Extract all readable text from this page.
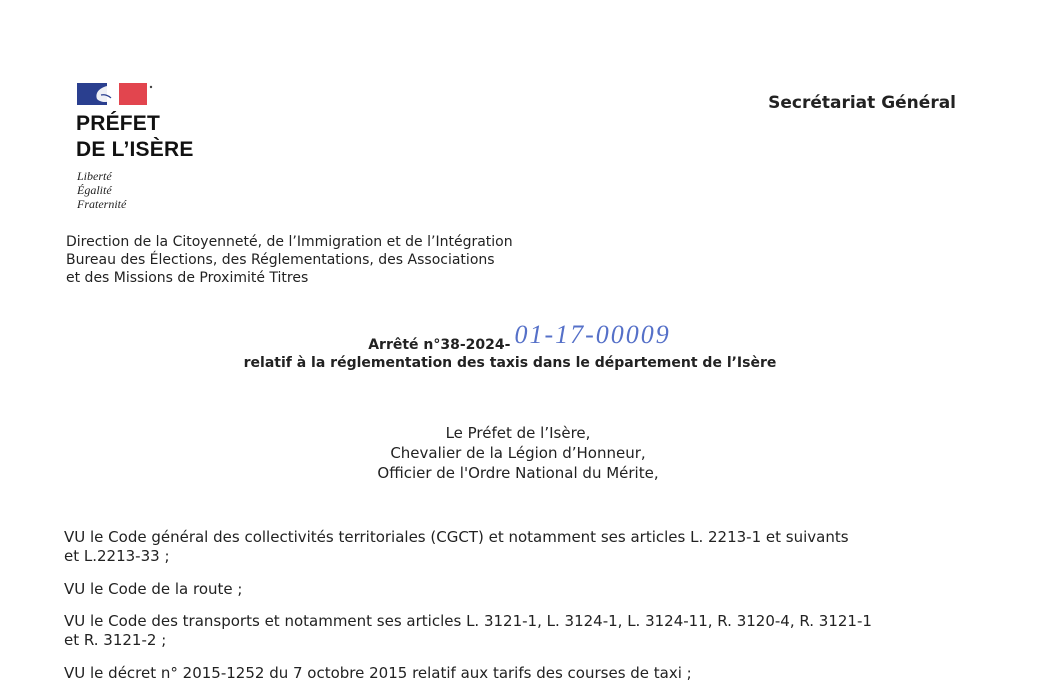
PRÉFET
DE L’ISÈRE
Liberté
Égalité
Fraternité
Secrétariat Général
Direction de la Citoyenneté, de l’Immigration et de l’Intégration
Bureau des Élections, des Réglementations, des Associations
et des Missions de Proximité Titres
Arrêté n°38-2024- 01-17-00009
relatif à la réglementation des taxis dans le département de l’Isère
Le Préfet de l’Isère,
Chevalier de la Légion d’Honneur,
Officier de l'Ordre National du Mérite,
VU le Code général des collectivités territoriales (CGCT) et notamment ses articles L. 2213-1 et suivants
et L.2213-33 ;
VU le Code de la route ;
VU le Code des transports et notamment ses articles L. 3121-1, L. 3124-1, L. 3124-11, R. 3120-4, R. 3121-1
et R. 3121-2 ;
VU le décret n° 2015-1252 du 7 octobre 2015 relatif aux tarifs des courses de taxi ;
